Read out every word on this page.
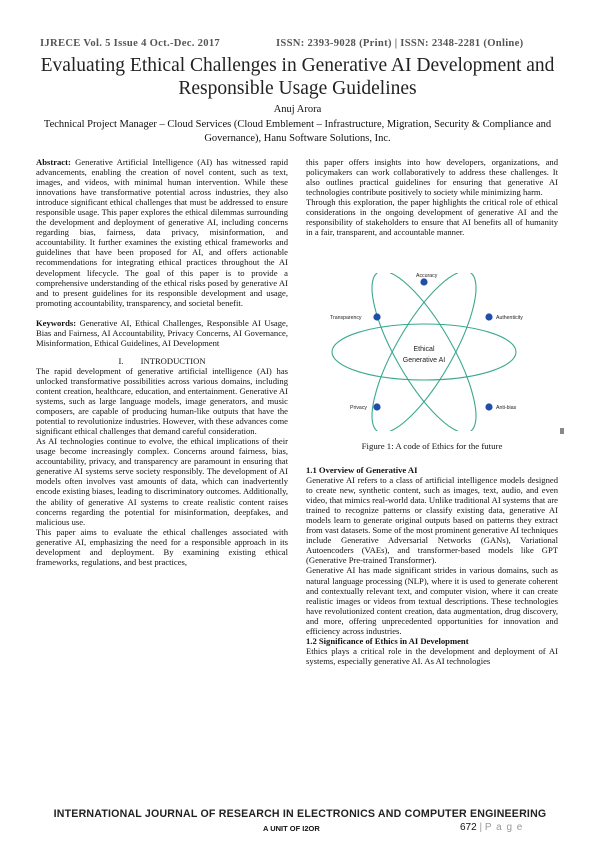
IJRECE Vol. 5 Issue 4 Oct.-Dec. 2017	ISSN: 2393-9028 (Print) | ISSN: 2348-2281 (Online)
Evaluating Ethical Challenges in Generative AI Development and Responsible Usage Guidelines
Anuj Arora
Technical Project Manager – Cloud Services (Cloud Emblement – Infrastructure, Migration, Security & Compliance and Governance), Hanu Software Solutions, Inc.

Abstract: Generative Artificial Intelligence (AI) has witnessed rapid advancements, enabling the creation of novel content, such as text, images, and videos, with minimal human intervention. While these innovations have transformative potential across industries, they also introduce significant ethical challenges that must be addressed to ensure responsible usage. This paper explores the ethical dilemmas surrounding the development and deployment of generative AI, including concerns regarding bias, fairness, data privacy, misinformation, and accountability. It further examines the existing ethical frameworks and guidelines that have been proposed for AI, and offers actionable recommendations for integrating ethical practices throughout the AI development lifecycle. The goal of this paper is to provide a comprehensive understanding of the ethical risks posed by generative AI and to present guidelines for its responsible development and usage, promoting accountability, transparency, and societal benefit.

Keywords: Generative AI, Ethical Challenges, Responsible AI Usage, Bias and Fairness, AI Accountability, Privacy Concerns, AI Governance, Misinformation, Ethical Guidelines, AI Development

I.        INTRODUCTION

The rapid development of generative artificial intelligence (AI) has unlocked transformative possibilities across various domains, including content creation, healthcare, education, and entertainment. Generative AI systems, such as large language models, image generators, and music composers, are capable of producing human-like outputs that have the potential to revolutionize industries. However, with these advances come significant ethical challenges that demand careful consideration.

As AI technologies continue to evolve, the ethical implications of their usage become increasingly complex. Concerns around fairness, bias, accountability, privacy, and transparency are paramount in ensuring that generative AI systems serve society responsibly. The development of AI models often involves vast amounts of data, which can inadvertently encode existing biases, leading to discriminatory outcomes. Additionally, the ability of generative AI systems to create realistic content raises concerns regarding the potential for misinformation, deepfakes, and malicious use.

This paper aims to evaluate the ethical challenges associated with generative AI, emphasizing the need for a responsible approach in its development and deployment. By examining existing ethical frameworks, regulations, and best practices,

this paper offers insights into how developers, organizations, and policymakers can work collaboratively to address these challenges. It also outlines practical guidelines for ensuring that generative AI technologies contribute positively to society while minimizing harm.

Through this exploration, the paper highlights the critical role of ethical considerations in the ongoing development of generative AI and the responsibility of stakeholders to ensure that AI benefits all of humanity in a fair, transparent, and accountable manner.

Accuracy
Authenticity
Anti-bias
Privacy
Transparency
Ethical
Generative AI
Figure 1: A code of Ethics for the future

1.1 Overview of Generative AI

Generative AI refers to a class of artificial intelligence models designed to create new, synthetic content, such as images, text, audio, and even video, that mimics real-world data. Unlike traditional AI systems that are trained to recognize patterns or classify existing data, generative AI models learn to generate original outputs based on patterns they extract from vast datasets. Some of the most prominent generative AI techniques include Generative Adversarial Networks (GANs), Variational Autoencoders (VAEs), and transformer-based models like GPT (Generative Pre-trained Transformer).

Generative AI has made significant strides in various domains, such as natural language processing (NLP), where it is used to generate coherent and contextually relevant text, and computer vision, where it can create realistic images or videos from textual descriptions. These technologies have revolutionized content creation, data augmentation, drug discovery, and more, offering unprecedented opportunities for innovation and efficiency across industries.

1.2 Significance of Ethics in AI Development

Ethics plays a critical role in the development and deployment of AI systems, especially generative AI. As AI technologies

INTERNATIONAL JOURNAL OF RESEARCH IN ELECTRONICS AND COMPUTER ENGINEERING
A UNIT OF I2OR	672 | P a g e
